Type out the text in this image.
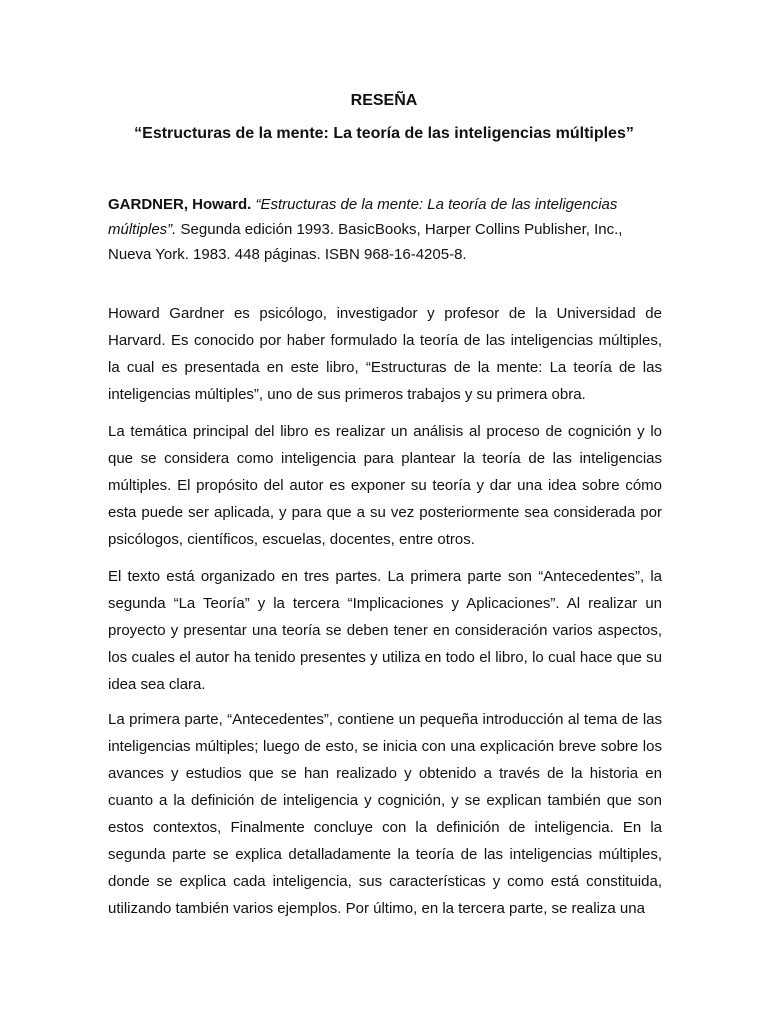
RESEÑA
“Estructuras de la mente: La teoría de las inteligencias múltiples”

GARDNER, Howard. “Estructuras de la mente: La teoría de las inteligencias múltiples”. Segunda edición 1993. BasicBooks, Harper Collins Publisher, Inc., Nueva York. 1983. 448 páginas. ISBN 968-16-4205-8.

Howard Gardner es psicólogo, investigador y profesor de la Universidad de Harvard. Es conocido por haber formulado la teoría de las inteligencias múltiples, la cual es presentada en este libro, “Estructuras de la mente: La teoría de las inteligencias múltiples”, uno de sus primeros trabajos y su primera obra.

La temática principal del libro es realizar un análisis al proceso de cognición y lo que se considera como inteligencia para plantear la teoría de las inteligencias múltiples. El propósito del autor es exponer su teoría y dar una idea sobre cómo esta puede ser aplicada, y para que a su vez posteriormente sea considerada por psicólogos, científicos, escuelas, docentes, entre otros.

El texto está organizado en tres partes. La primera parte son “Antecedentes”, la segunda “La Teoría” y la tercera “Implicaciones y Aplicaciones”. Al realizar un proyecto y presentar una teoría se deben tener en consideración varios aspectos, los cuales el autor ha tenido presentes y utiliza en todo el libro, lo cual hace que su idea sea clara.

La primera parte, “Antecedentes”, contiene un pequeña introducción al tema de las inteligencias múltiples; luego de esto, se inicia con una explicación breve sobre los avances y estudios que se han realizado y obtenido a través de la historia en cuanto a la definición de inteligencia y cognición, y se explican también que son estos contextos, Finalmente concluye con la definición de inteligencia. En la segunda parte se explica detalladamente la teoría de las inteligencias múltiples, donde se explica cada inteligencia, sus características y como está constituida, utilizando también varios ejemplos. Por último, en la tercera parte, se realiza una
